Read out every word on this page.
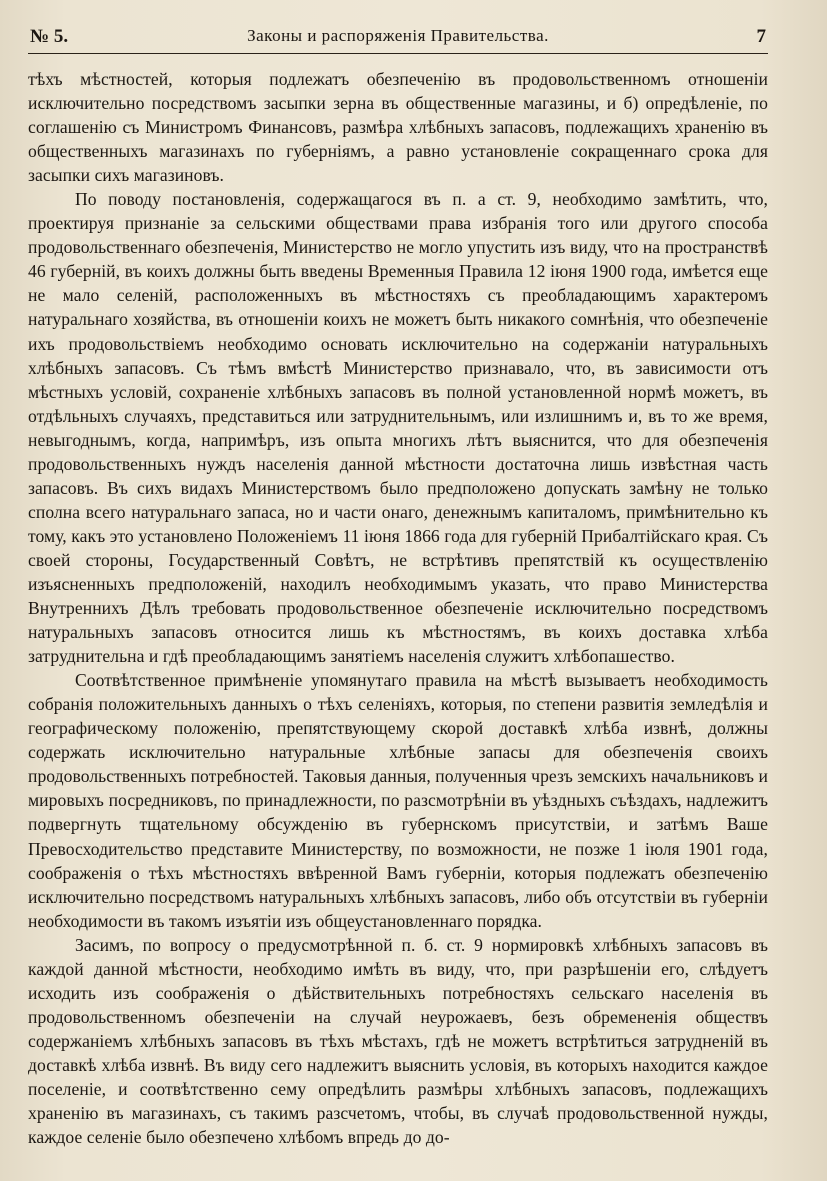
№ 5.	Законы и распоряженія Правительства.	7

тѣхъ мѣстностей, которыя подлежатъ обезпеченію въ продовольственномъ отношеніи исключительно посредствомъ засыпки зерна въ общественные магазины, и б) опредѣленіе, по соглашенію съ Министромъ Финансовъ, размѣра хлѣбныхъ запасовъ, подлежащихъ храненію въ общественныхъ магазинахъ по губерніямъ, а равно установленіе сокращеннаго срока для засыпки сихъ магазиновъ.

По поводу постановленія, содержащагося въ п. а ст. 9, необходимо замѣтить, что, проектируя признаніе за сельскими обществами права избранія того или другого способа продовольственнаго обезпеченія, Министерство не могло упустить изъ виду, что на пространствѣ 46 губерній, въ коихъ должны быть введены Временныя Правила 12 іюня 1900 года, имѣется еще не мало селеній, расположенныхъ въ мѣстностяхъ съ преобладающимъ характеромъ натуральнаго хозяйства, въ отношеніи коихъ не можетъ быть никакого сомнѣнія, что обезпеченіе ихъ продовольствіемъ необходимо основать исключительно на содержаніи натуральныхъ хлѣбныхъ запасовъ. Съ тѣмъ вмѣстѣ Министерство признавало, что, въ зависимости отъ мѣстныхъ условій, сохраненіе хлѣбныхъ запасовъ въ полной установленной нормѣ можетъ, въ отдѣльныхъ случаяхъ, представиться или затруднительнымъ, или излишнимъ и, въ то же время, невыгоднымъ, когда, напримѣръ, изъ опыта многихъ лѣтъ выяснится, что для обезпеченія продовольственныхъ нуждъ населенія данной мѣстности достаточна лишь извѣстная часть запасовъ. Въ сихъ видахъ Министерствомъ было предположено допускать замѣну не только сполна всего натуральнаго запаса, но и части онаго, денежнымъ капиталомъ, примѣнительно къ тому, какъ это установлено Положеніемъ 11 іюня 1866 года для губерній Прибалтійскаго края. Съ своей стороны, Государственный Совѣтъ, не встрѣтивъ препятствій къ осуществленію изъясненныхъ предположеній, находилъ необходимымъ указать, что право Министерства Внутреннихъ Дѣлъ требовать продовольственное обезпеченіе исключительно посредствомъ натуральныхъ запасовъ относится лишь къ мѣстностямъ, въ коихъ доставка хлѣба затруднительна и гдѣ преобладающимъ занятіемъ населенія служитъ хлѣбопашество.

Соотвѣтственное примѣненіе упомянутаго правила на мѣстѣ вызываетъ необходимость собранія положительныхъ данныхъ о тѣхъ селеніяхъ, которыя, по степени развитія земледѣлія и географическому положенію, препятствующему скорой доставкѣ хлѣба извнѣ, должны содержать исключительно натуральные хлѣбные запасы для обезпеченія своихъ продовольственныхъ потребностей. Таковыя данныя, полученныя чрезъ земскихъ начальниковъ и мировыхъ посредниковъ, по принадлежности, по разсмотрѣніи въ уѣздныхъ съѣздахъ, надлежитъ подвергнуть тщательному обсужденію въ губернскомъ присутствіи, и затѣмъ Ваше Превосходительство представите Министерству, по возможности, не позже 1 іюля 1901 года, соображенія о тѣхъ мѣстностяхъ ввѣренной Вамъ губерніи, которыя подлежатъ обезпеченію исключительно посредствомъ натуральныхъ хлѣбныхъ запасовъ, либо объ отсутствіи въ губерніи необходимости въ такомъ изъятіи изъ общеустановленнаго порядка.

Засимъ, по вопросу о предусмотрѣнной п. б. ст. 9 нормировкѣ хлѣбныхъ запасовъ въ каждой данной мѣстности, необходимо имѣть въ виду, что, при разрѣшеніи его, слѣдуетъ исходить изъ соображенія о дѣйствительныхъ потребностяхъ сельскаго населенія въ продовольственномъ обезпеченіи на случай неурожаевъ, безъ обремененія обществъ содержаніемъ хлѣбныхъ запасовъ въ тѣхъ мѣстахъ, гдѣ не можетъ встрѣтиться затрудненій въ доставкѣ хлѣба извнѣ. Въ виду сего надлежитъ выяснить условія, въ которыхъ находится каждое поселеніе, и соотвѣтственно сему опредѣлить размѣры хлѣбныхъ запасовъ, подлежащихъ храненію въ магазинахъ, съ такимъ разсчетомъ, чтобы, въ случаѣ продовольственной нужды, каждое селеніе было обезпечено хлѣбомъ впредь до до-
